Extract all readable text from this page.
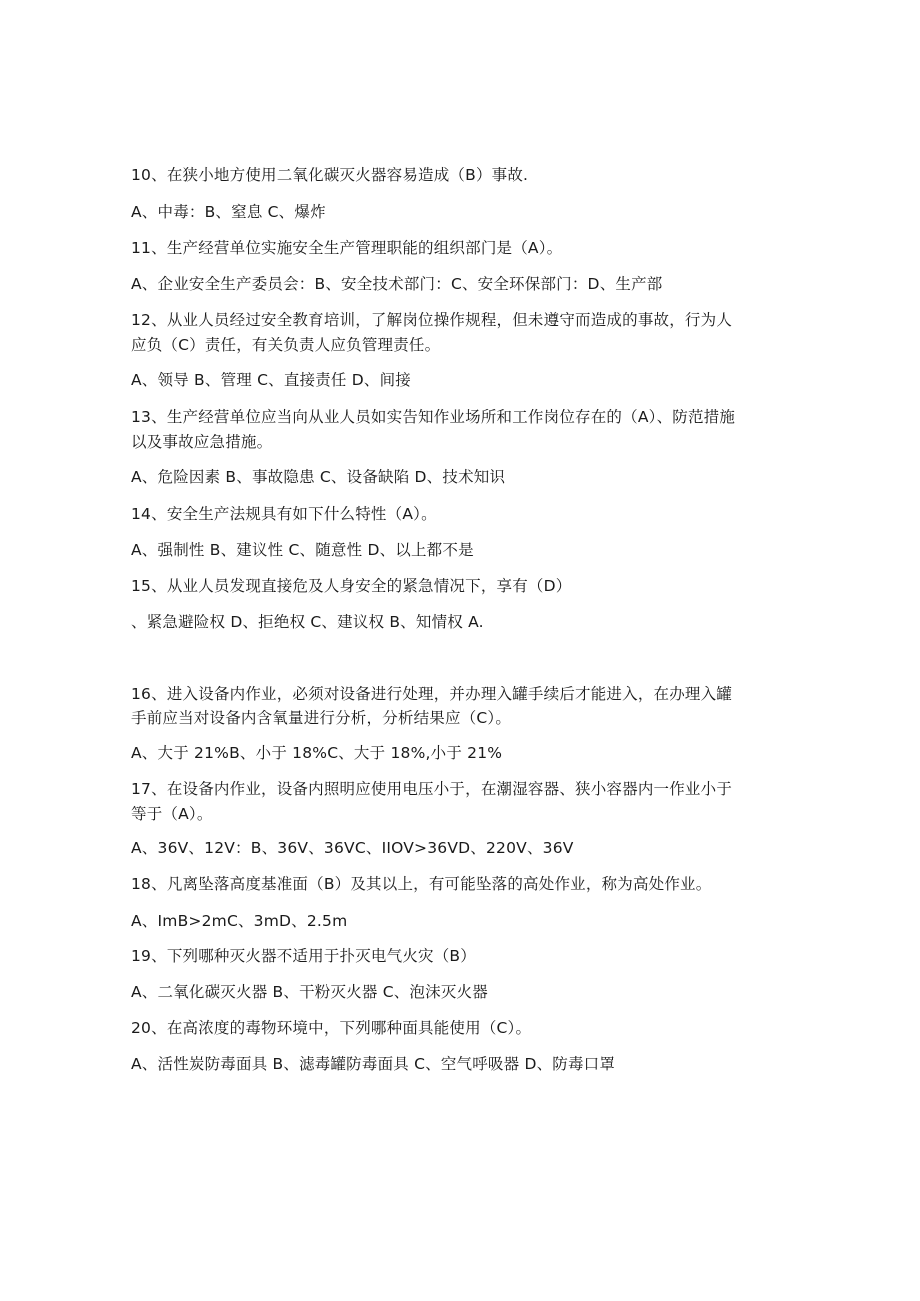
10、在狭小地方使用二氧化碳灭火器容易造成（B）事故.
A、中毒：B、窒息 C、爆炸
11、生产经营单位实施安全生产管理职能的组织部门是（A）。
A、企业安全生产委员会：B、安全技术部门：C、安全环保部门：D、生产部
12、从业人员经过安全教育培训，了解岗位操作规程，但未遵守而造成的事故，行为人
应负（C）责任，有关负责人应负管理责任。
A、领导 B、管理 C、直接责任 D、间接
13、生产经营单位应当向从业人员如实告知作业场所和工作岗位存在的（A）、防范措施
以及事故应急措施。
A、危险因素 B、事故隐患 C、设备缺陷 D、技术知识
14、安全生产法规具有如下什么特性（A）。
A、强制性 B、建议性 C、随意性 D、以上都不是
15、从业人员发现直接危及人身安全的紧急情况下，享有（D）
、紧急避险权 D、拒绝权 C、建议权 B、知情权 A.
16、进入设备内作业，必须对设备进行处理，并办理入罐手续后才能进入，在办理入罐
手前应当对设备内含氧量进行分析，分析结果应（C）。
A、大于 21%B、小于 18%C、大于 18%,小于 21%
17、在设备内作业，设备内照明应使用电压小于，在潮湿容器、狭小容器内一作业小于
等于（A）。
A、36V、12V：B、36V、36VC、IIOV>36VD、220V、36V
18、凡离坠落高度基准面（B）及其以上，有可能坠落的高处作业，称为高处作业。
A、ImB>2mC、3mD、2.5m
19、下列哪种灭火器不适用于扑灭电气火灾（B）
A、二氧化碳灭火器 B、干粉灭火器 C、泡沫灭火器
20、在高浓度的毒物环境中，下列哪种面具能使用（C）。
A、活性炭防毒面具 B、滤毒罐防毒面具 C、空气呼吸器 D、防毒口罩
